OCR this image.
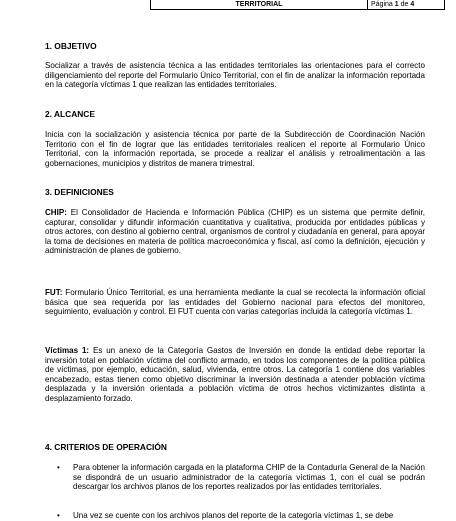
TERRITORIAL	Página 1 de 4
1. OBJETIVO
Socializar a través de asistencia técnica a las entidades territoriales las orientaciones para el correcto diligenciamiento del reporte del Formulario Único Territorial, con el fin de analizar la información reportada en la categoría víctimas 1 que realizan las entidades territoriales.
2. ALCANCE
Inicia con la socialización y asistencia técnica por parte de la Subdirección de Coordinación Nación Territorio con el fin de lograr que las entidades territoriales realicen el reporte al Formulario Único Territorial, con la información reportada, se procede a realizar el análisis y retroalimentación a las gobernaciones, municipios y distritos de manera trimestral.
3. DEFINICIONES
CHIP: El Consolidador de Hacienda e Información Pública (CHIP) es un sistema que permite definir, capturar, consolidar y difundir información cuantitativa y cualitativa, producida por entidades públicas y otros actores, con destino al gobierno central, organismos de control y ciudadanía en general, para apoyar la toma de decisiones en materia de política macroeconómica y fiscal, así como la definición, ejecución y administración de planes de gobierno.
FUT: Formulario Único Territorial, es una herramienta mediante la cual se recolecta la información oficial básica que sea requerida por las entidades del Gobierno nacional para efectos del monitoreo, seguimiento, evaluación y control. El FUT cuenta con varias categorías incluida la categoría víctimas 1.
Víctimas 1: Es un anexo de la Categoría Gastos de Inversión en donde la entidad debe reportar la inversión total en población víctima del conflicto armado, en todos los componentes de la política pública de víctimas, por ejemplo, educación, salud, vivienda, entre otros. La categoría 1 contiene dos variables encabezado, estas tienen como objetivo discriminar la inversión destinada a atender población víctima desplazada y la inversión orientada a población víctima de otros hechos victimizantes distinta a desplazamiento forzado.
4. CRITERIOS DE OPERACIÓN
• Para obtener la información cargada en la plataforma CHIP de la Contaduría General de la Nación se dispondrá de un usuario administrador de la categoría víctimas 1, con el cual se podrán descargar los archivos planos de los reportes realizados por las entidades territoriales.
• Una vez se cuente con los archivos planos del reporte de la categoría víctimas 1, se debe
